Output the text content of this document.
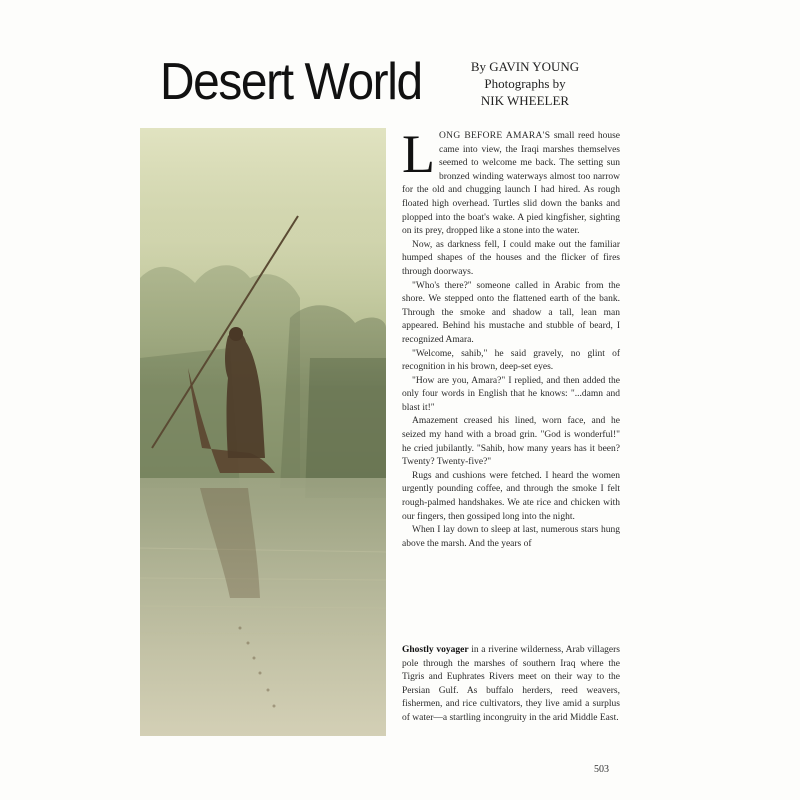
Desert World	By GAVIN YOUNG
Photographs by
NIK WHEELER

LONG BEFORE AMARA'S small reed house came into view, the Iraqi marshes themselves seemed to welcome me back. The setting sun bronzed winding waterways almost too narrow for the old and chugging launch I had hired. As rough floated high overhead. Turtles slid down the banks and plopped into the boat's wake. A pied kingfisher, sighting on its prey, dropped like a stone into the water.

Now, as darkness fell, I could make out the familiar humped shapes of the houses and the flicker of fires through doorways.

"Who's there?" someone called in Arabic from the shore. We stepped onto the flattened earth of the bank. Through the smoke and shadow a tall, lean man appeared. Behind his mustache and stubble of beard, I recognized Amara.

"Welcome, sahib," he said gravely, no glint of recognition in his brown, deep-set eyes.

"How are you, Amara?" I replied, and then added the only four words in English that he knows: "...damn and blast it!"

Amazement creased his lined, worn face, and he seized my hand with a broad grin. "God is wonderful!" he cried jubilantly. "Sahib, how many years has it been? Twenty? Twenty-five?"

Rugs and cushions were fetched. I heard the women urgently pounding coffee, and through the smoke I felt rough-palmed handshakes. We ate rice and chicken with our fingers, then gossiped long into the night.

When I lay down to sleep at last, numerous stars hung above the marsh. And the years of

Ghostly voyager in a riverine wilderness, Arab villagers pole through the marshes of southern Iraq where the Tigris and Euphrates Rivers meet on their way to the Persian Gulf. As buffalo herders, reed weavers, fishermen, and rice cultivators, they live amid a surplus of water—a startling incongruity in the arid Middle East.
503
